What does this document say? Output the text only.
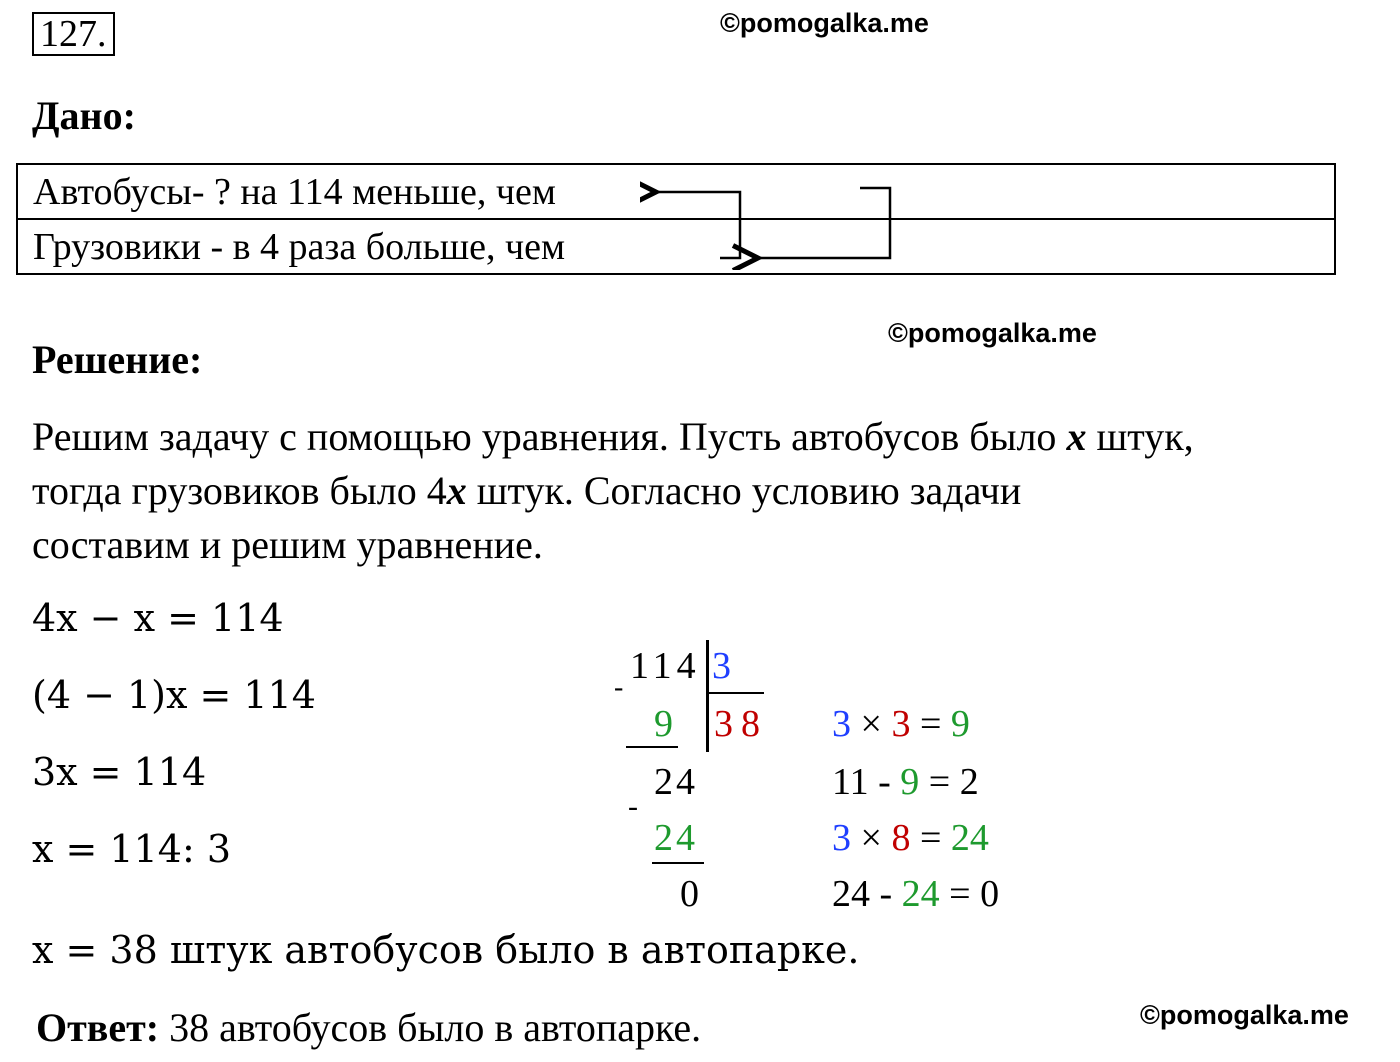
127.	©pomogalka.me
©pomogalka.me
©pomogalka.me
Дано:
Автобусы- ? на 114 меньше, чем
Грузовики - в 4 раза больше, чем
Решение:
Решим задачу с помощью уравнения. Пусть автобусов было x штук,
тогда грузовиков было 4x штук. Согласно условию задачи
составим и решим уравнение.
4x − x = 114
(4 − 1)x = 114
3x = 114
x = 114: 3
114 3
38
-
9
24
-
24
0
3 × 3 = 9
11 - 9 = 2
3 × 8 = 24
24 - 24 = 0
x = 38 штук автобусов было в автопарке.
Ответ: 38 автобусов было в автопарке.
